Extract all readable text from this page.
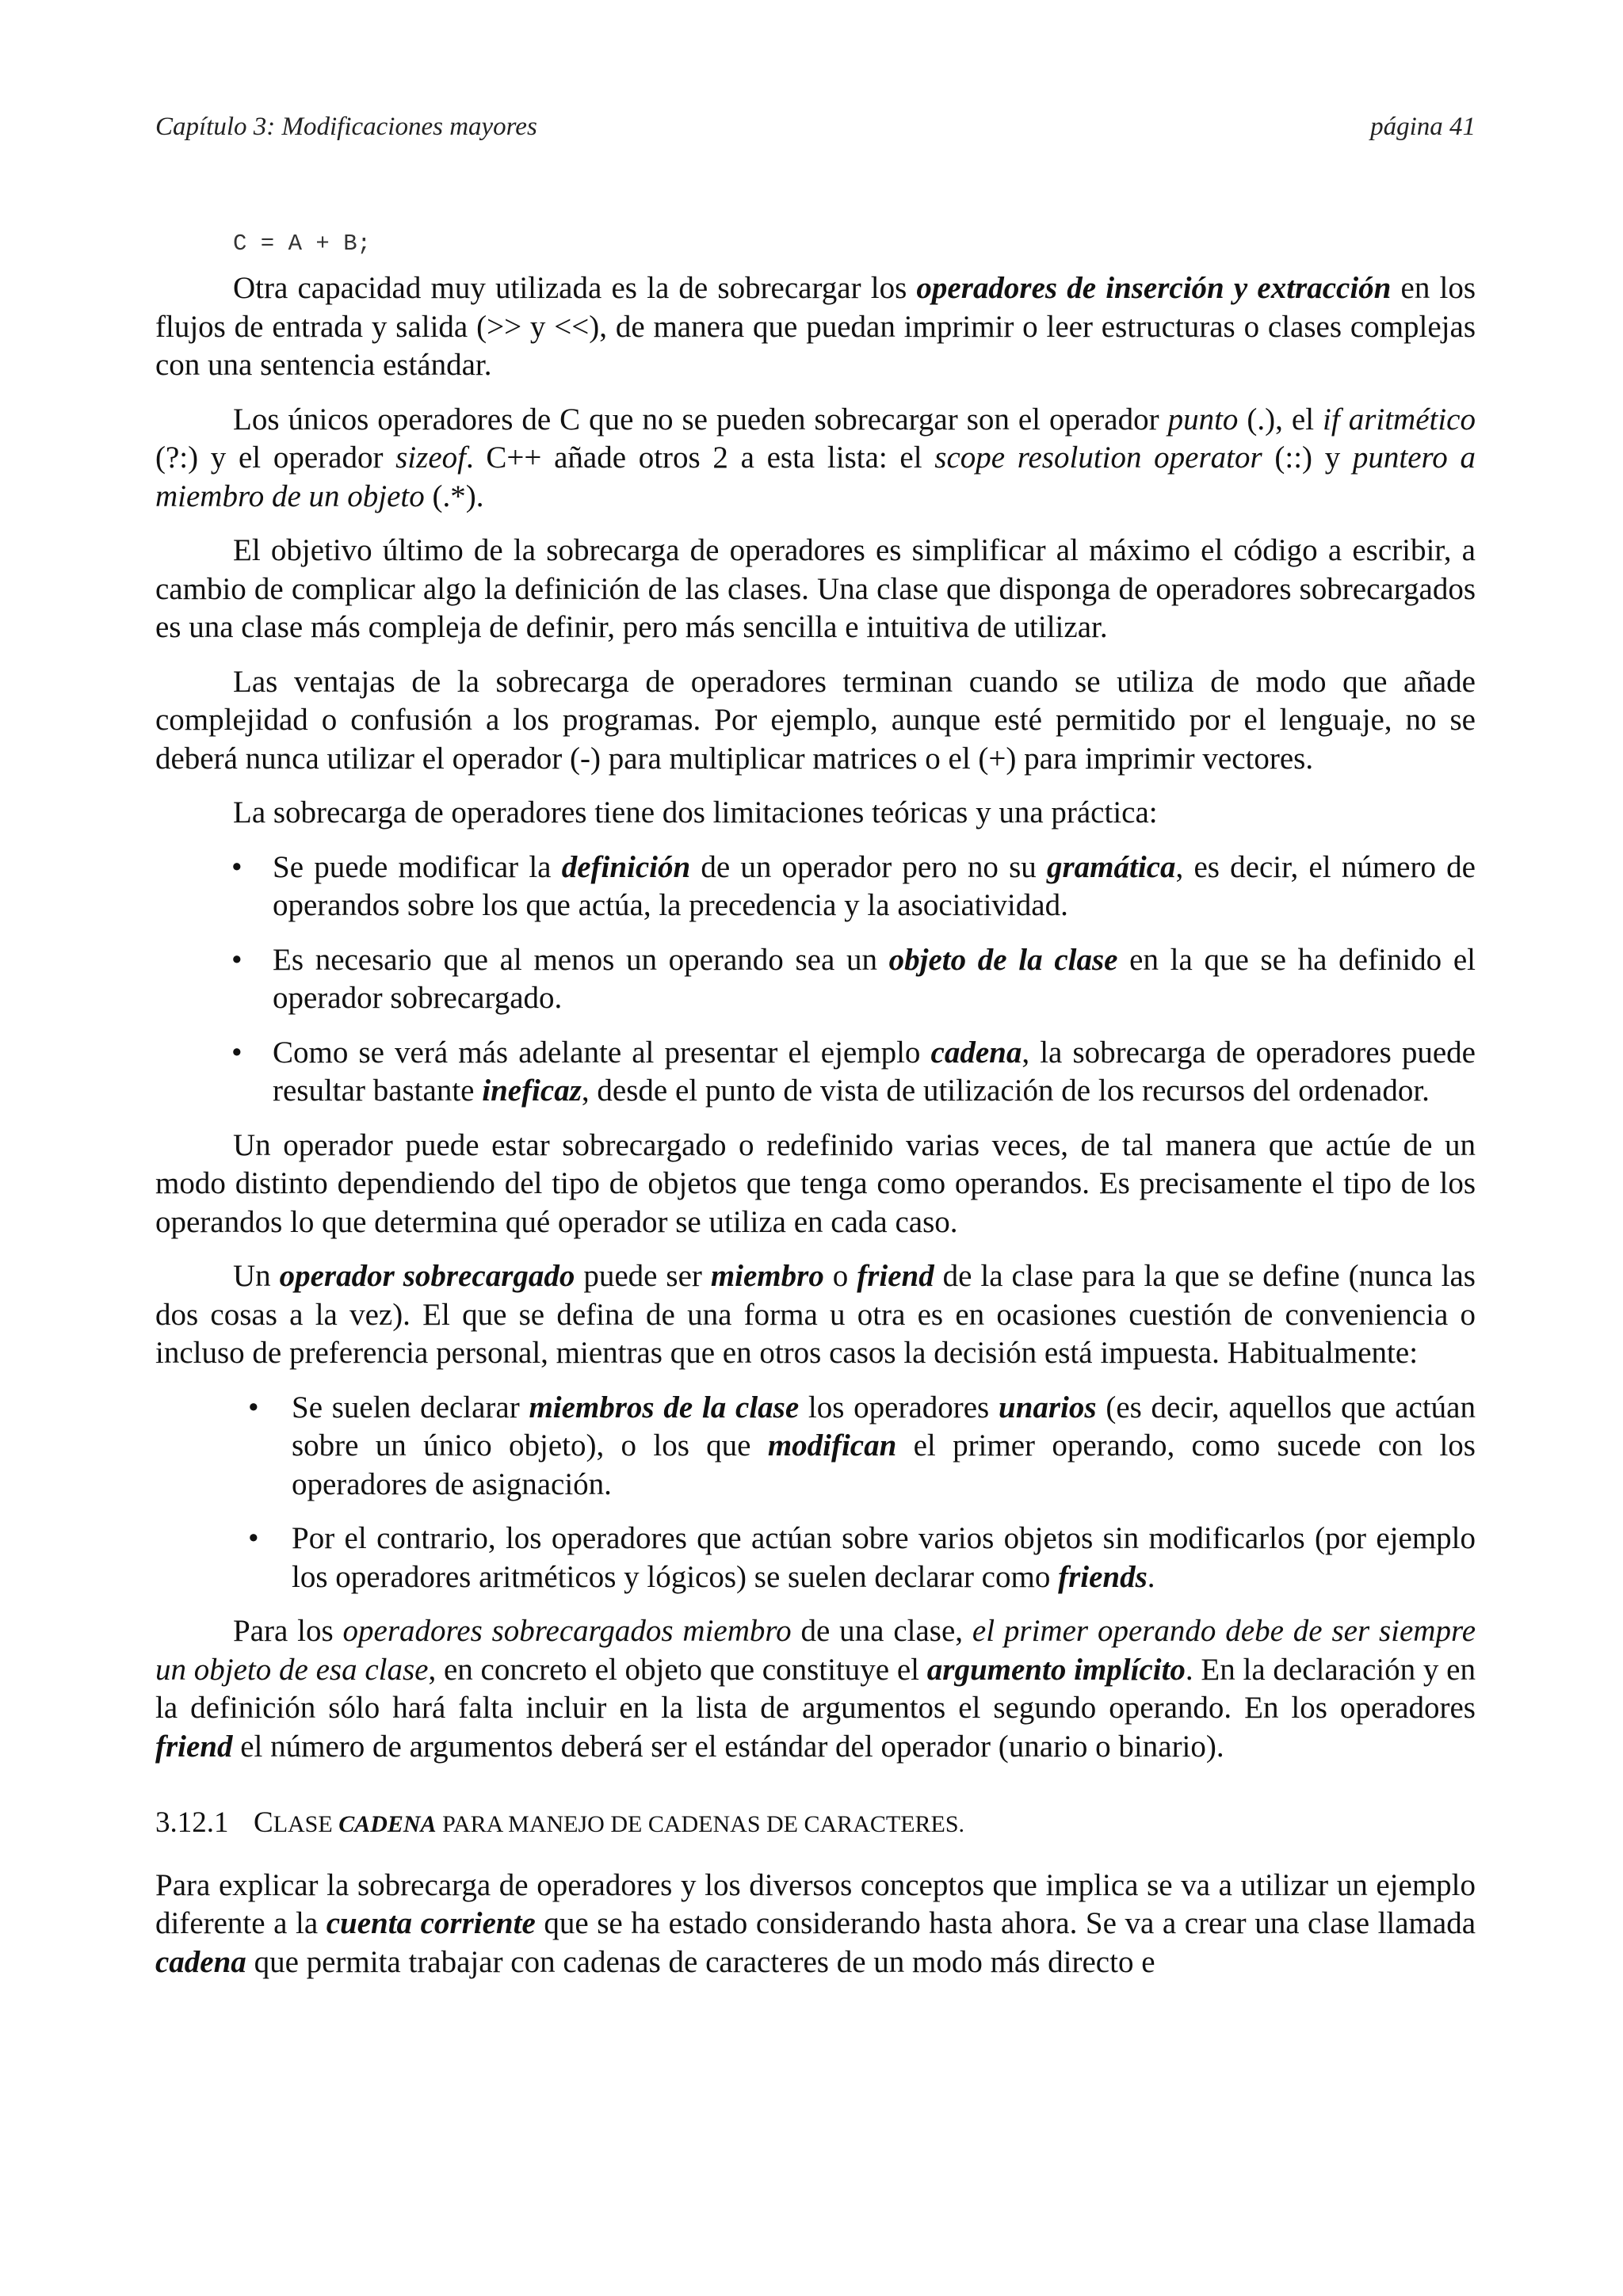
Capítulo 3: Modificaciones mayores	página 41
C = A + B;

Otra capacidad muy utilizada es la de sobrecargar los operadores de inserción y extracción en los flujos de entrada y salida (>> y <<), de manera que puedan imprimir o leer estructuras o clases complejas con una sentencia estándar.

Los únicos operadores de C que no se pueden sobrecargar son el operador punto (.), el if aritmético (?:) y el operador sizeof. C++ añade otros 2 a esta lista: el scope resolution operator (::) y puntero a miembro de un objeto (.*).

El objetivo último de la sobrecarga de operadores es simplificar al máximo el código a escribir, a cambio de complicar algo la definición de las clases. Una clase que disponga de operadores sobrecargados es una clase más compleja de definir, pero más sencilla e intuitiva de utilizar.

Las ventajas de la sobrecarga de operadores terminan cuando se utiliza de modo que añade complejidad o confusión a los programas. Por ejemplo, aunque esté permitido por el lenguaje, no se deberá nunca utilizar el operador (-) para multiplicar matrices o el (+) para imprimir vectores.

La sobrecarga de operadores tiene dos limitaciones teóricas y una práctica:

• Se puede modificar la definición de un operador pero no su gramática, es decir, el número de operandos sobre los que actúa, la precedencia y la asociatividad.
• Es necesario que al menos un operando sea un objeto de la clase en la que se ha definido el operador sobrecargado.
• Como se verá más adelante al presentar el ejemplo cadena, la sobrecarga de operadores puede resultar bastante ineficaz, desde el punto de vista de utilización de los recursos del ordenador.

Un operador puede estar sobrecargado o redefinido varias veces, de tal manera que actúe de un modo distinto dependiendo del tipo de objetos que tenga como operandos. Es precisamente el tipo de los operandos lo que determina qué operador se utiliza en cada caso.

Un operador sobrecargado puede ser miembro o friend de la clase para la que se define (nunca las dos cosas a la vez). El que se defina de una forma u otra es en ocasiones cuestión de conveniencia o incluso de preferencia personal, mientras que en otros casos la decisión está impuesta. Habitualmente:

• Se suelen declarar miembros de la clase los operadores unarios (es decir, aquellos que actúan sobre un único objeto), o los que modifican el primer operando, como sucede con los operadores de asignación.
• Por el contrario, los operadores que actúan sobre varios objetos sin modificarlos (por ejemplo los operadores aritméticos y lógicos) se suelen declarar como friends.

Para los operadores sobrecargados miembro de una clase, el primer operando debe de ser siempre un objeto de esa clase, en concreto el objeto que constituye el argumento implícito. En la declaración y en la definición sólo hará falta incluir en la lista de argumentos el segundo operando. En los operadores friend el número de argumentos deberá ser el estándar del operador (unario o binario).

3.12.1 CLASE CADENA PARA MANEJO DE CADENAS DE CARACTERES.

Para explicar la sobrecarga de operadores y los diversos conceptos que implica se va a utilizar un ejemplo diferente a la cuenta corriente que se ha estado considerando hasta ahora. Se va a crear una clase llamada cadena que permita trabajar con cadenas de caracteres de un modo más directo e
